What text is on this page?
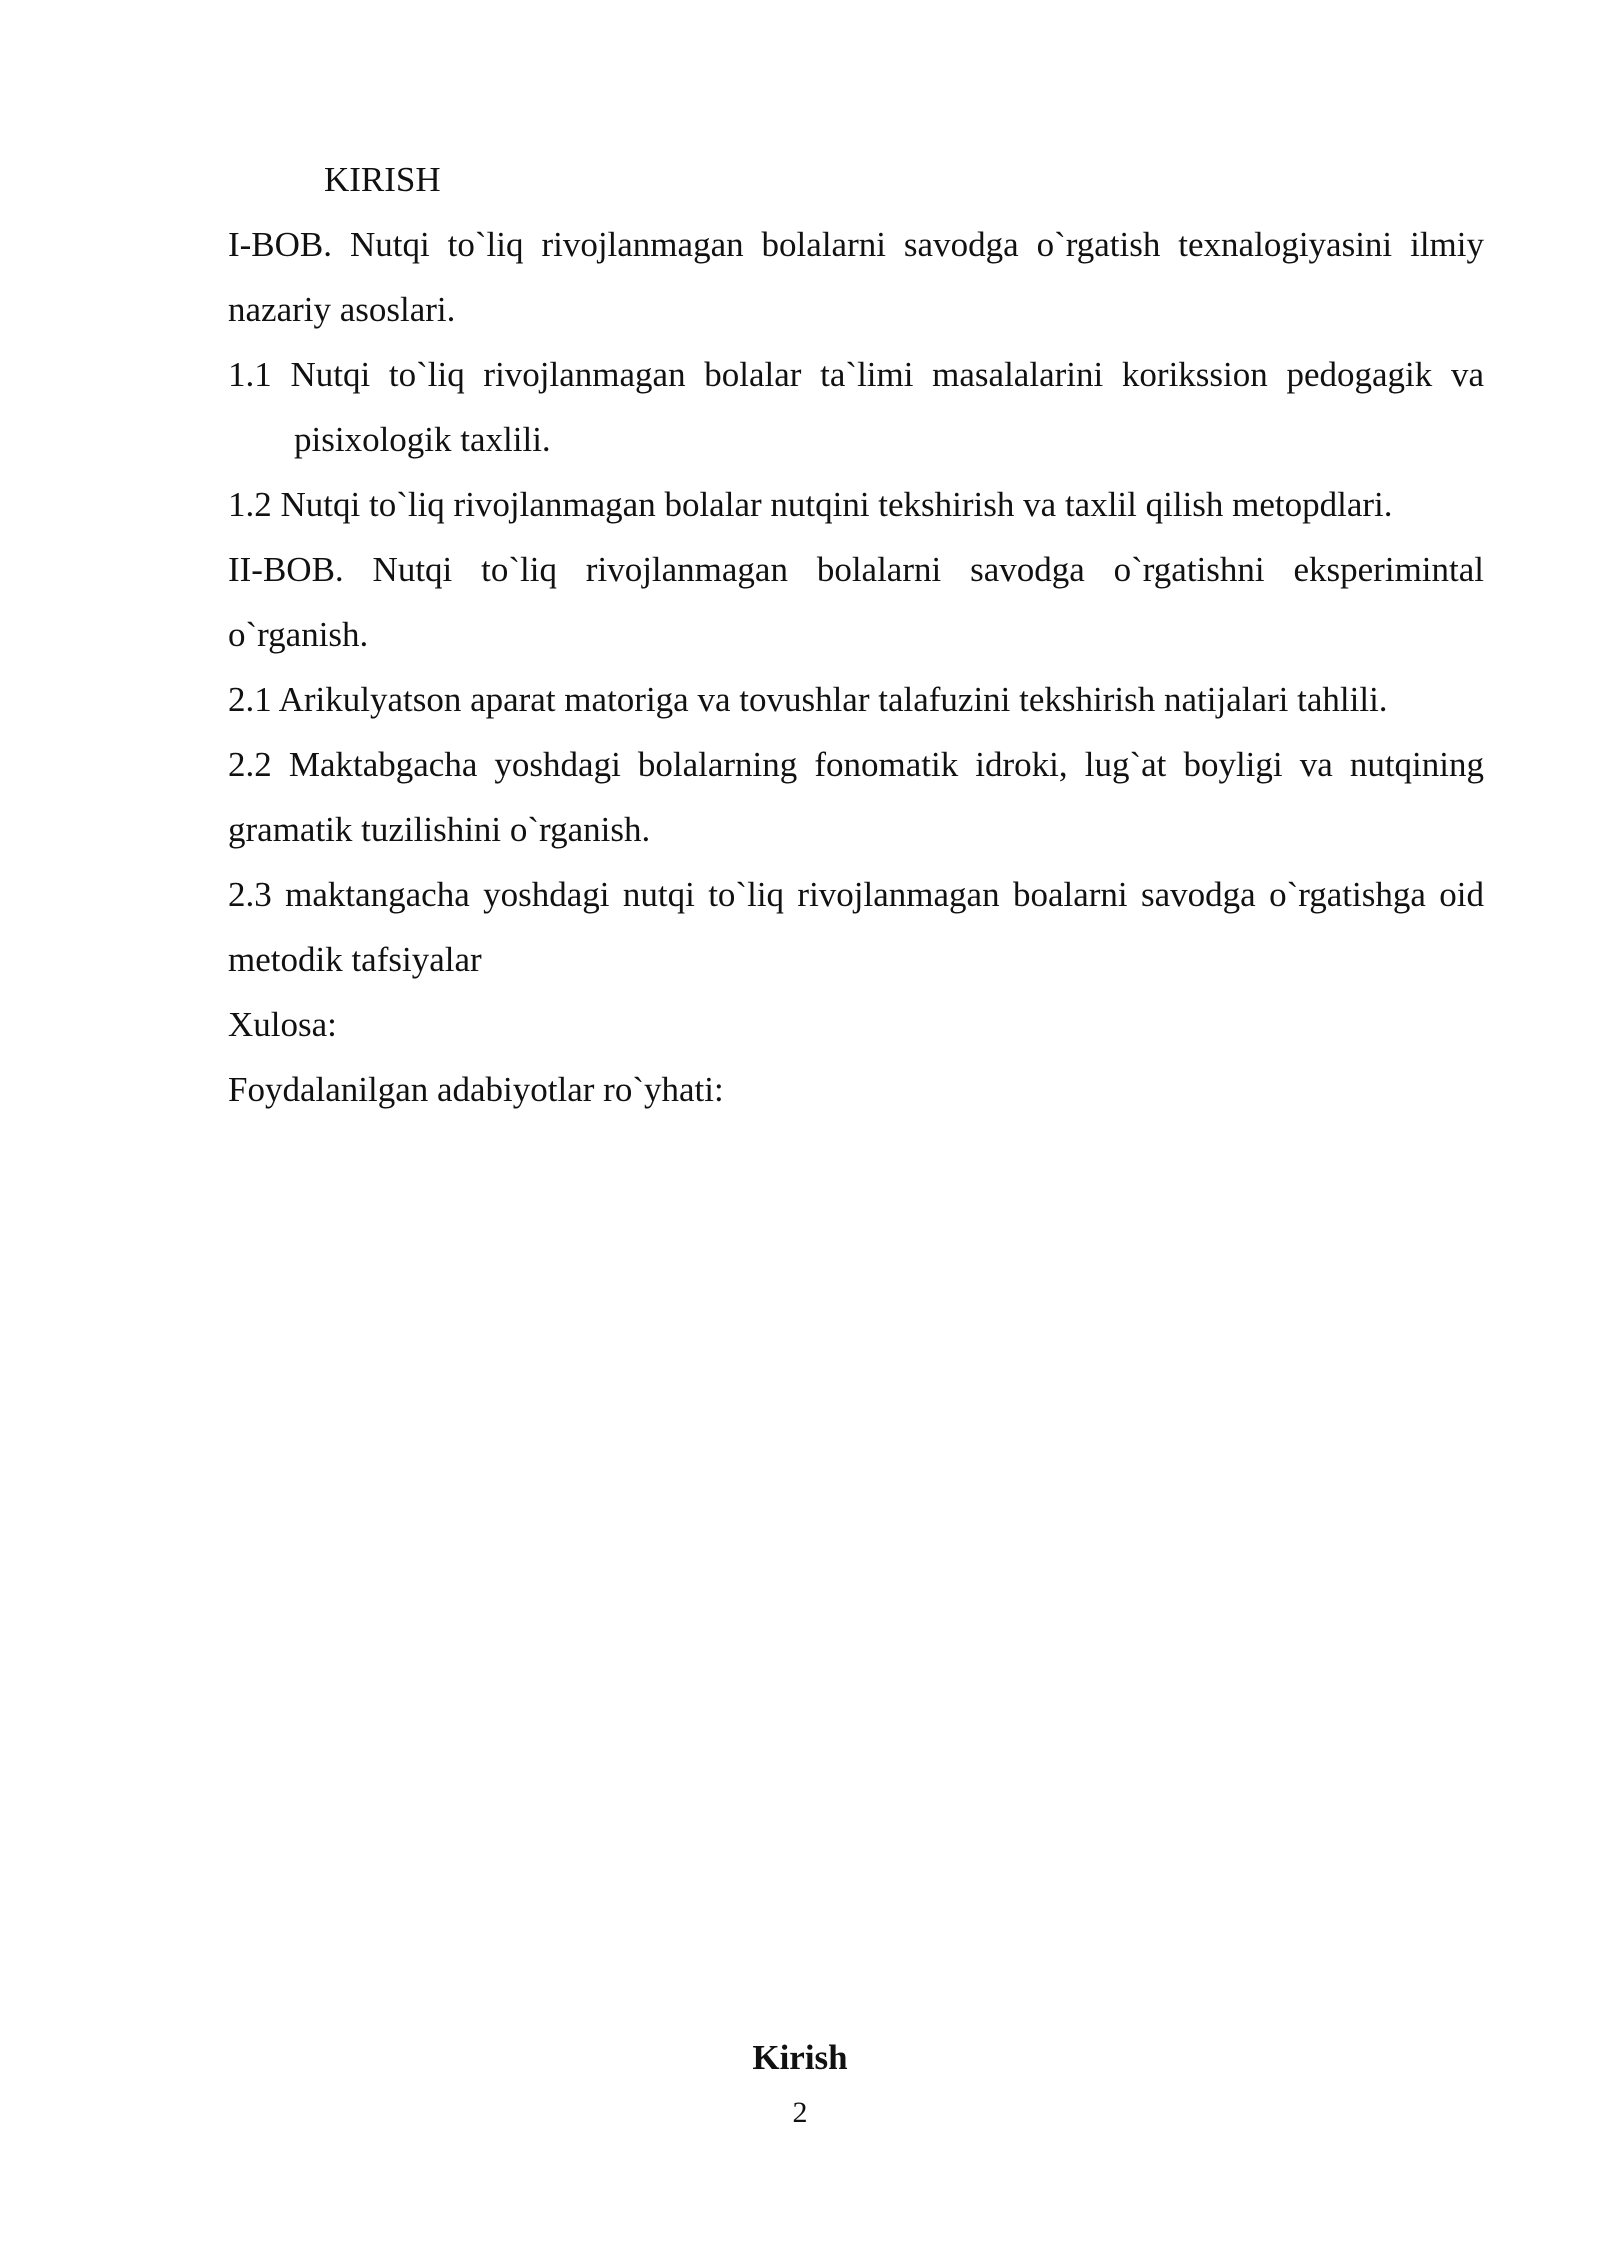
KIRISH

I-BOB. Nutqi to`liq rivojlanmagan bolalarni savodga o`rgatish texnalogiyasini ilmiy nazariy asoslari.

1.1 Nutqi to`liq rivojlanmagan bolalar ta`limi masalalarini korikssion pedogagik va pisixologik taxlili.

1.2 Nutqi to`liq rivojlanmagan bolalar nutqini tekshirish va taxlil qilish metopdlari.

II-BOB. Nutqi to`liq rivojlanmagan bolalarni savodga o`rgatishni eksperimintal o`rganish.

2.1 Arikulyatson aparat matoriga va tovushlar talafuzini tekshirish natijalari tahlili.

2.2 Maktabgacha yoshdagi bolalarning fonomatik idroki, lug`at boyligi va nutqining gramatik tuzilishini o`rganish.

2.3 maktangacha yoshdagi nutqi to`liq rivojlanmagan boalarni savodga o`rgatishga oid metodik tafsiyalar

Xulosa:

Foydalanilgan adabiyotlar ro`yhati:

Kirish
2
